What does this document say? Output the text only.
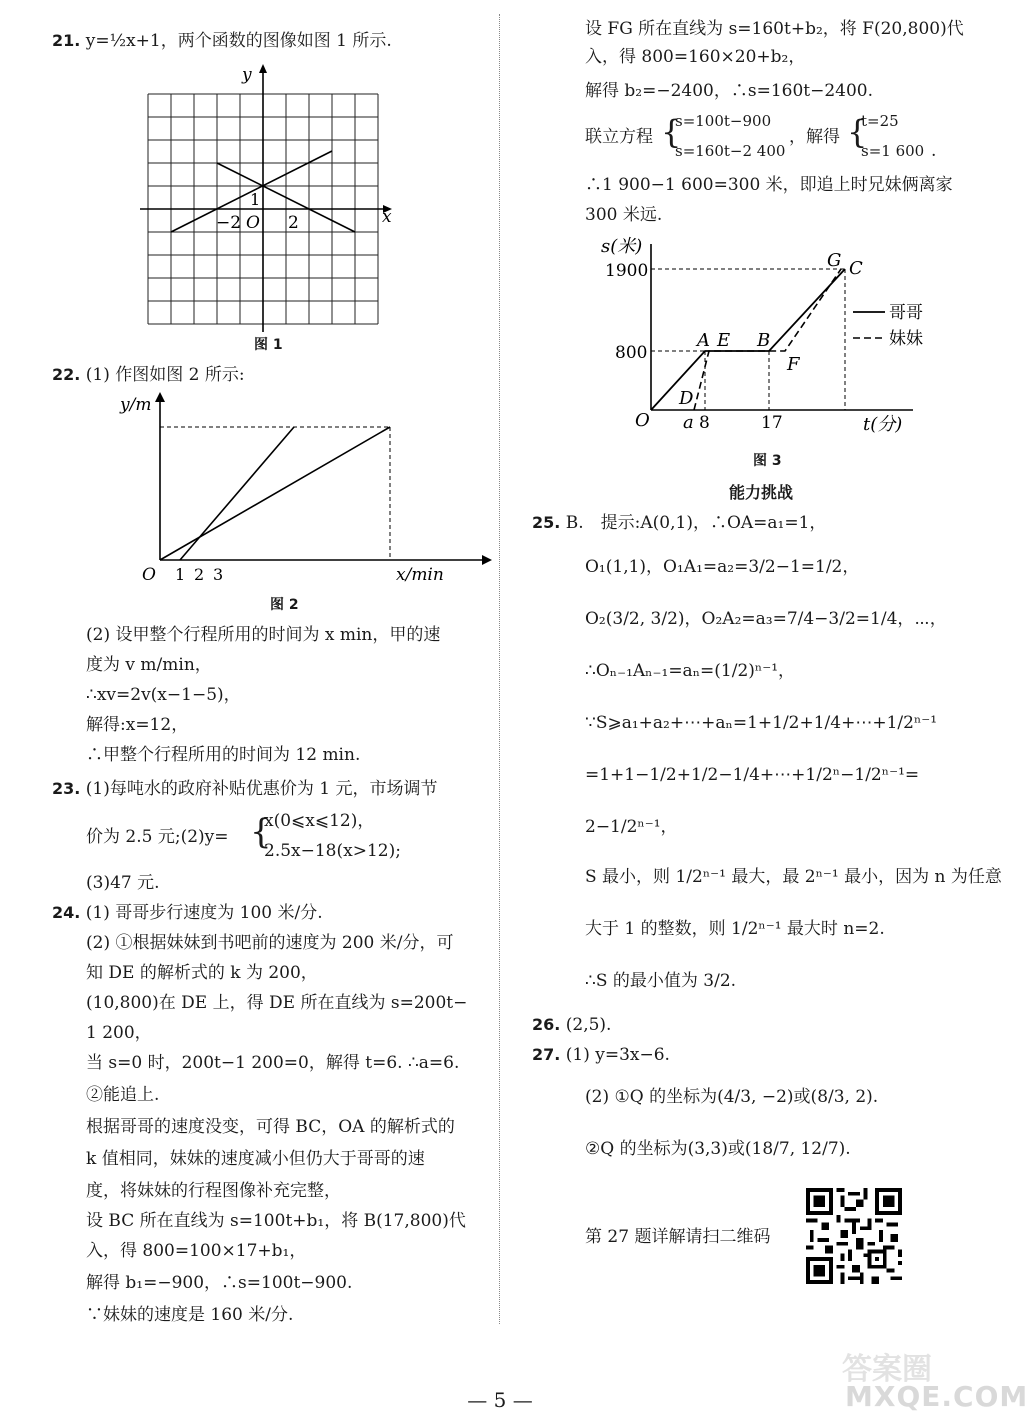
21. y=½x+1，两个函数的图像如图 1 所示.
x
y
O
−2	2
1
图 1
22. (1) 作图如图 2 所示:
y/m
x/min
O 1 2 3
图 2
(2) 设甲整个行程所用的时间为 x min，甲的速
度为 v m/min，
∴xv=2v(x−1−5)，
解得:x=12，
∴甲整个行程所用的时间为 12 min.
23. (1)每吨水的政府补贴优惠价为 1 元，市场调节
价为 2.5 元;(2)y= {
x(0⩽x⩽12)，
2.5x−18(x>12);
(3)47 元.
24. (1) 哥哥步行速度为 100 米/分.
(2) ①根据妹妹到书吧前的速度为 200 米/分，可
知 DE 的解析式的 k 为 200，
(10,800)在 DE 上，得 DE 所在直线为 s=200t−
1 200，
当 s=0 时，200t−1 200=0，解得 t=6. ∴a=6.
②能追上.
根据哥哥的速度没变，可得 BC，OA 的解析式的
k 值相同，妹妹的速度减小但仍大于哥哥的速
度，将妹妹的行程图像补充完整，
设 BC 所在直线为 s=100t+b₁，将 B(17,800)代
入，得 800=100×17+b₁，
解得 b₁=−900，∴s=100t−900.
∵妹妹的速度是 160 米/分.
设 FG 所在直线为 s=160t+b₂，将 F(20,800)代
入，得 800=160×20+b₂，
解得 b₂=−2400，∴s=160t−2400.
联立方程 {
s=100t−900
s=160t−2 400
，解得 {
t=25
s=1 600 .
∴1 900−1 600=300 米，即追上时兄妹俩离家
300 米远.
s(米)
1900
800
O a 8	17	t(分)
A E B
F
G C
D
哥哥
妹妹
图 3
能力挑战
25. B.　提示:A(0,1)，∴OA=a₁=1，
O₁(1,1)，O₁A₁=a₂=3/2−1=1/2，
O₂(3/2, 3/2)，O₂A₂=a₃=7/4−3/2=1/4，⋯，
∴Oₙ₋₁Aₙ₋₁=aₙ=(1/2)ⁿ⁻¹，
∵S⩾a₁+a₂+⋯+aₙ=1+1/2+1/4+⋯+1/2ⁿ⁻¹
=1+1−1/2+1/2−1/4+⋯+1/2ⁿ−1/2ⁿ⁻¹=
2−1/2ⁿ⁻¹，
S 最小，则 1/2ⁿ⁻¹ 最大，最 2ⁿ⁻¹ 最小，因为 n 为任意
大于 1 的整数，则 1/2ⁿ⁻¹ 最大时 n=2.
∴S 的最小值为 3/2.
26. (2,5).
27. (1) y=3x−6.
(2) ①Q 的坐标为(4/3, −2)或(8/3, 2).
②Q 的坐标为(3,3)或(18/7, 12/7).
第 27 题详解请扫二维码
— 5 —
答案圈
MXQE.COM
